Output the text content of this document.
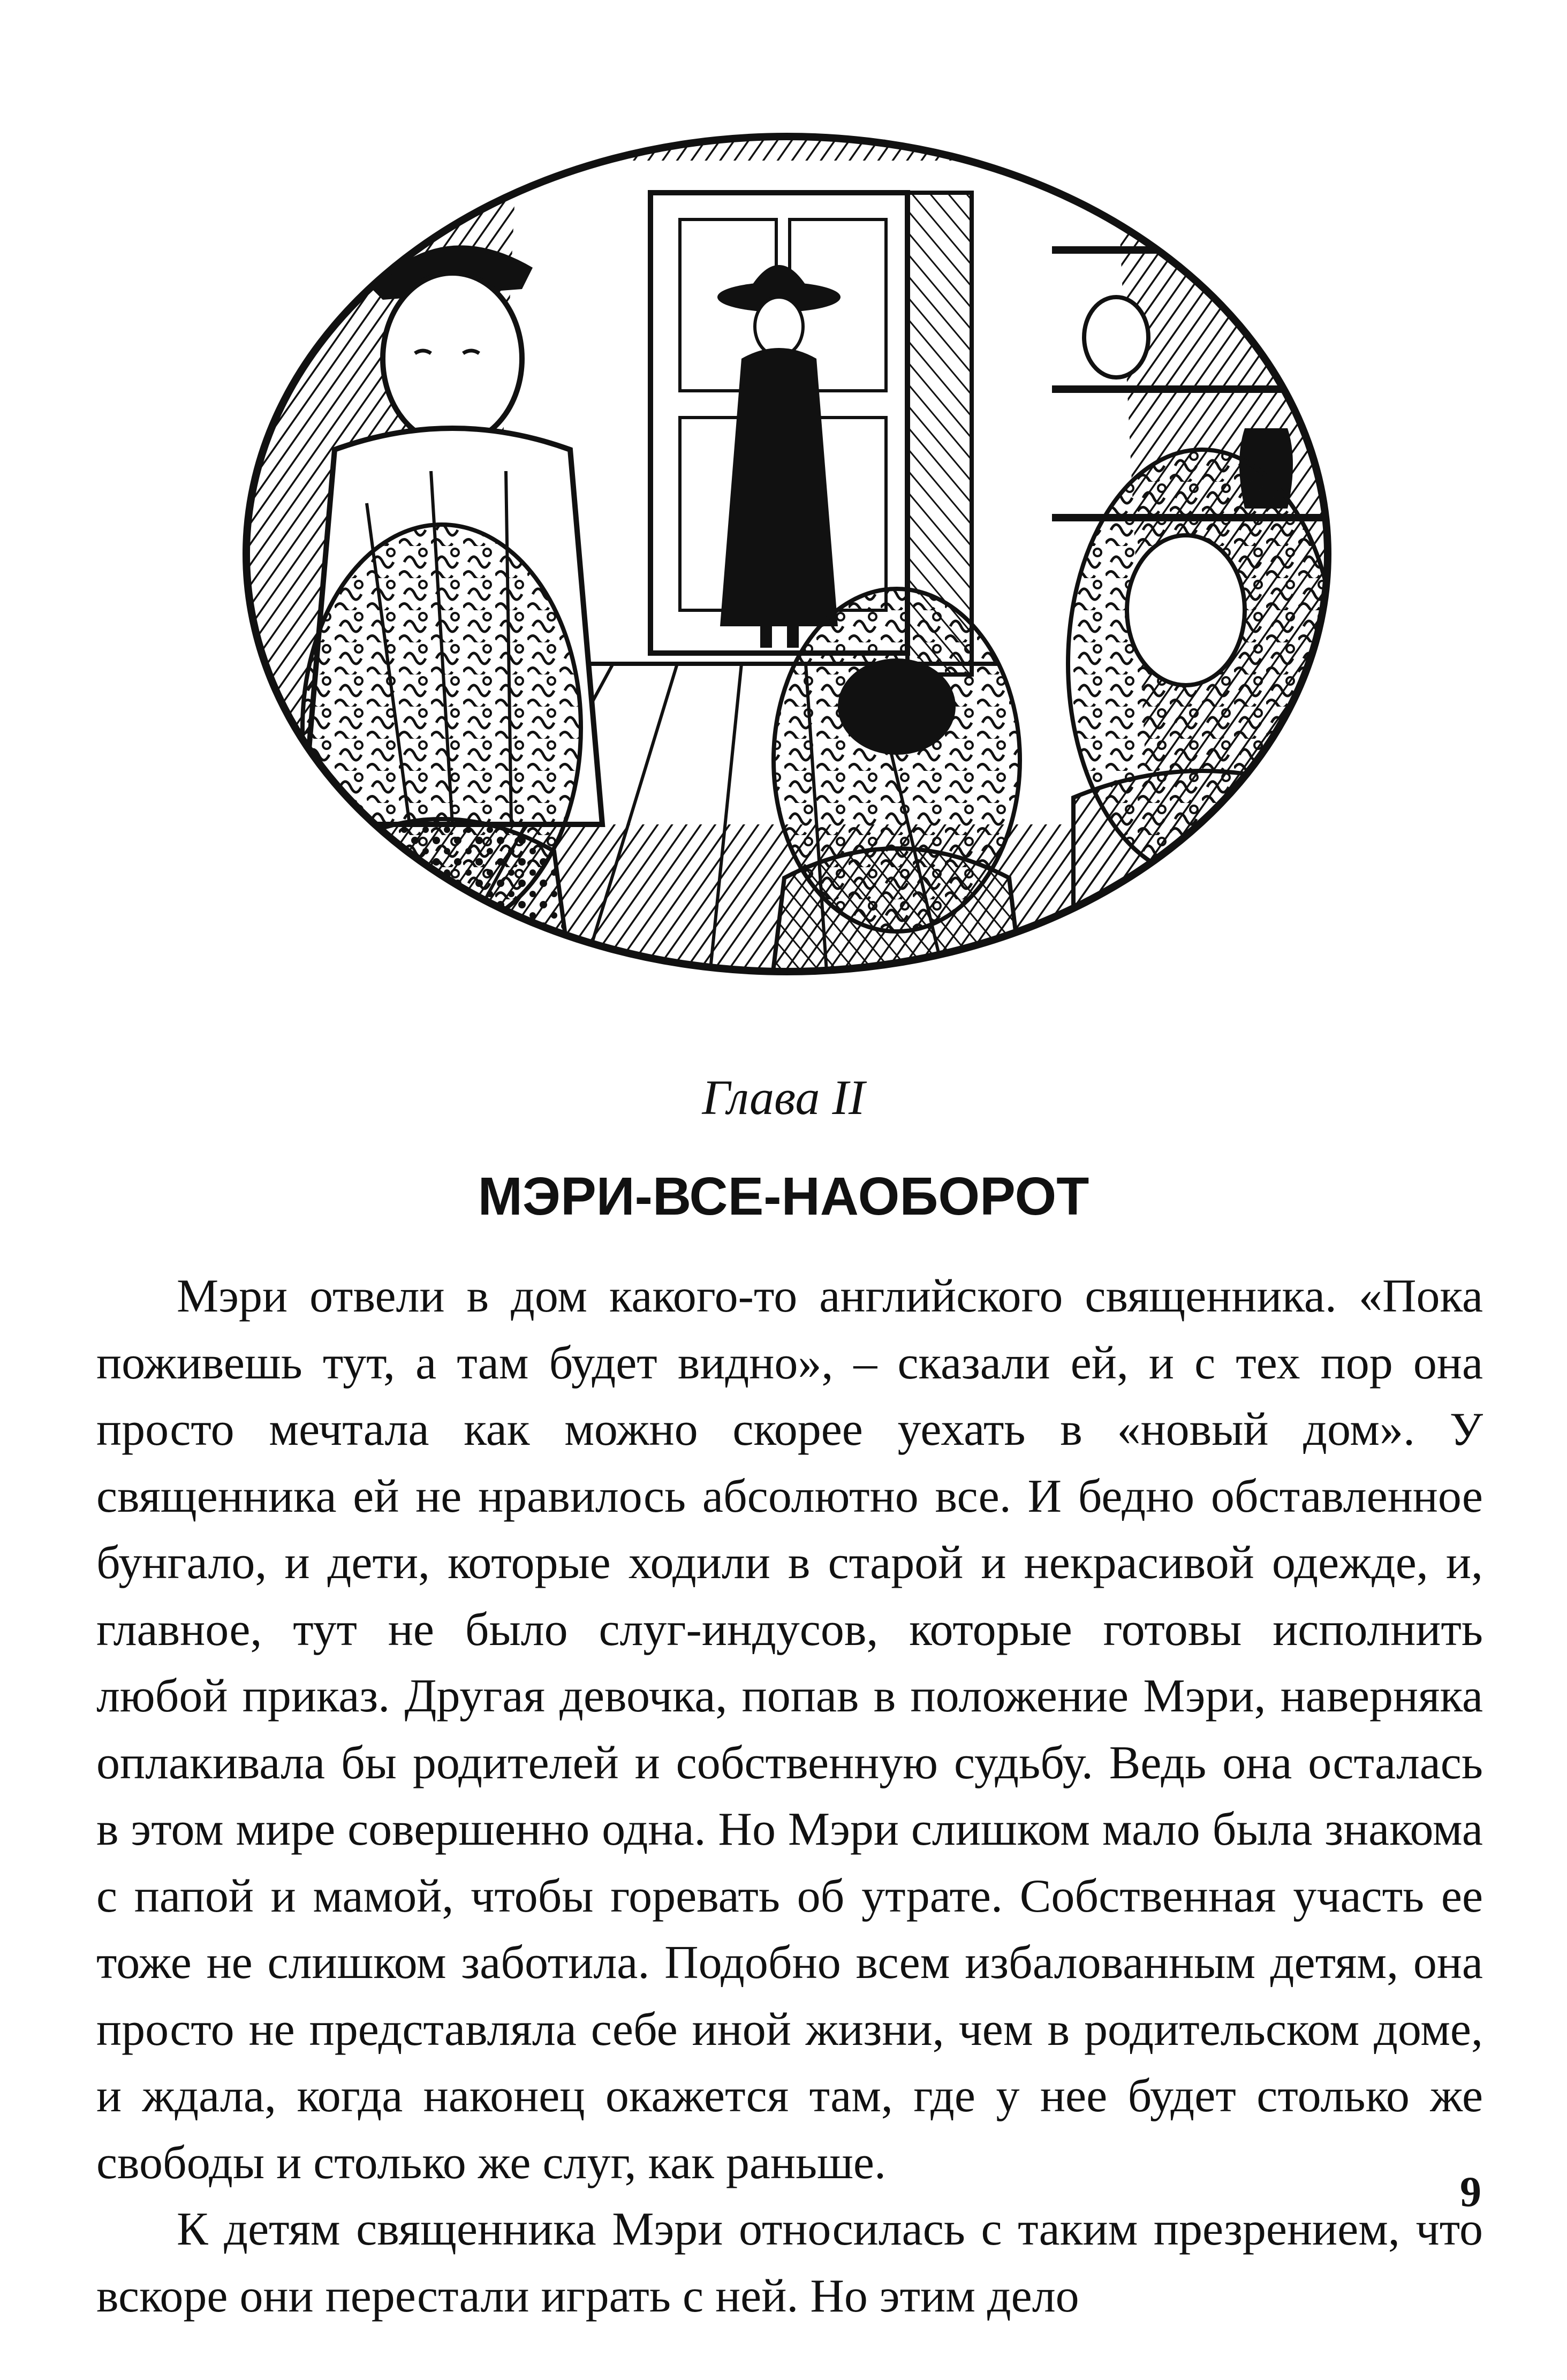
Глава II
МЭРИ-ВСЕ-НАОБОРОТ

Мэри отвели в дом какого-то английского священника. «Пока поживешь тут, а там будет видно», – сказали ей, и с тех пор она просто мечтала как можно скорее уехать в «новый дом». У священника ей не нравилось абсолютно все. И бедно обставленное бунгало, и дети, которые ходили в старой и некрасивой одежде, и, главное, тут не было слуг-индусов, которые готовы исполнить любой приказ. Другая девочка, попав в положение Мэри, наверняка оплакивала бы родителей и собственную судьбу. Ведь она осталась в этом мире совершенно одна. Но Мэри слишком мало была знакома с папой и мамой, чтобы горевать об утрате. Собственная участь ее тоже не слишком заботила. Подобно всем избалованным детям, она просто не представляла себе иной жизни, чем в родительском доме, и ждала, когда наконец окажется там, где у нее будет столько же свободы и столько же слуг, как раньше.

К детям священника Мэри относилась с таким презрением, что вскоре они перестали играть с ней. Но этим дело

9
